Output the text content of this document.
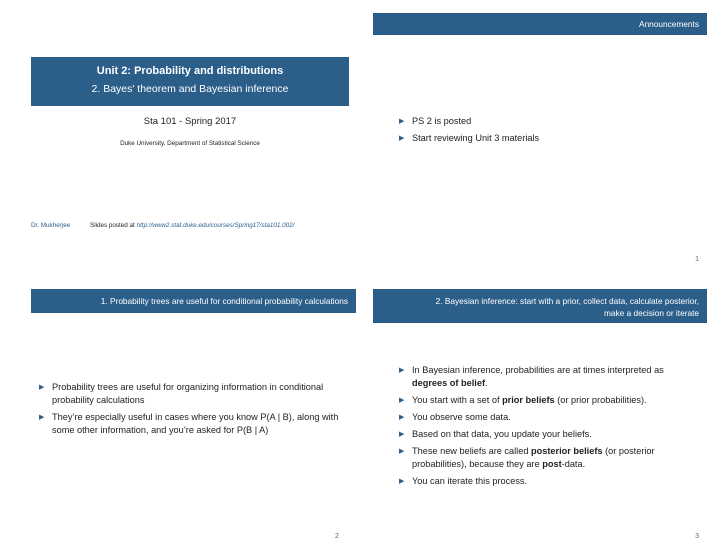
Unit 2: Probability and distributions
2. Bayes' theorem and Bayesian inference
Sta 101 - Spring 2017
Duke University, Department of Statistical Science
Dr. Mukherjee	Slides posted at http://www2.stat.duke.edu/courses/Spring17/sta101.002/
Announcements
▶ PS 2 is posted
▶ Start reviewing Unit 3 materials
1
1. Probability trees are useful for conditional probability calculations
▶ Probability trees are useful for organizing information in conditional probability calculations
▶ They’re especially useful in cases where you know P(A | B), along with some other information, and you’re asked for P(B | A)
2
2. Bayesian inference: start with a prior, collect data, calculate posterior,
make a decision or iterate
▶ In Bayesian inference, probabilities are at times interpreted as degrees of belief.
▶ You start with a set of prior beliefs (or prior probabilities).
▶ You observe some data.
▶ Based on that data, you update your beliefs.
▶ These new beliefs are called posterior beliefs (or posterior probabilities), because they are post-data.
▶ You can iterate this process.
3
